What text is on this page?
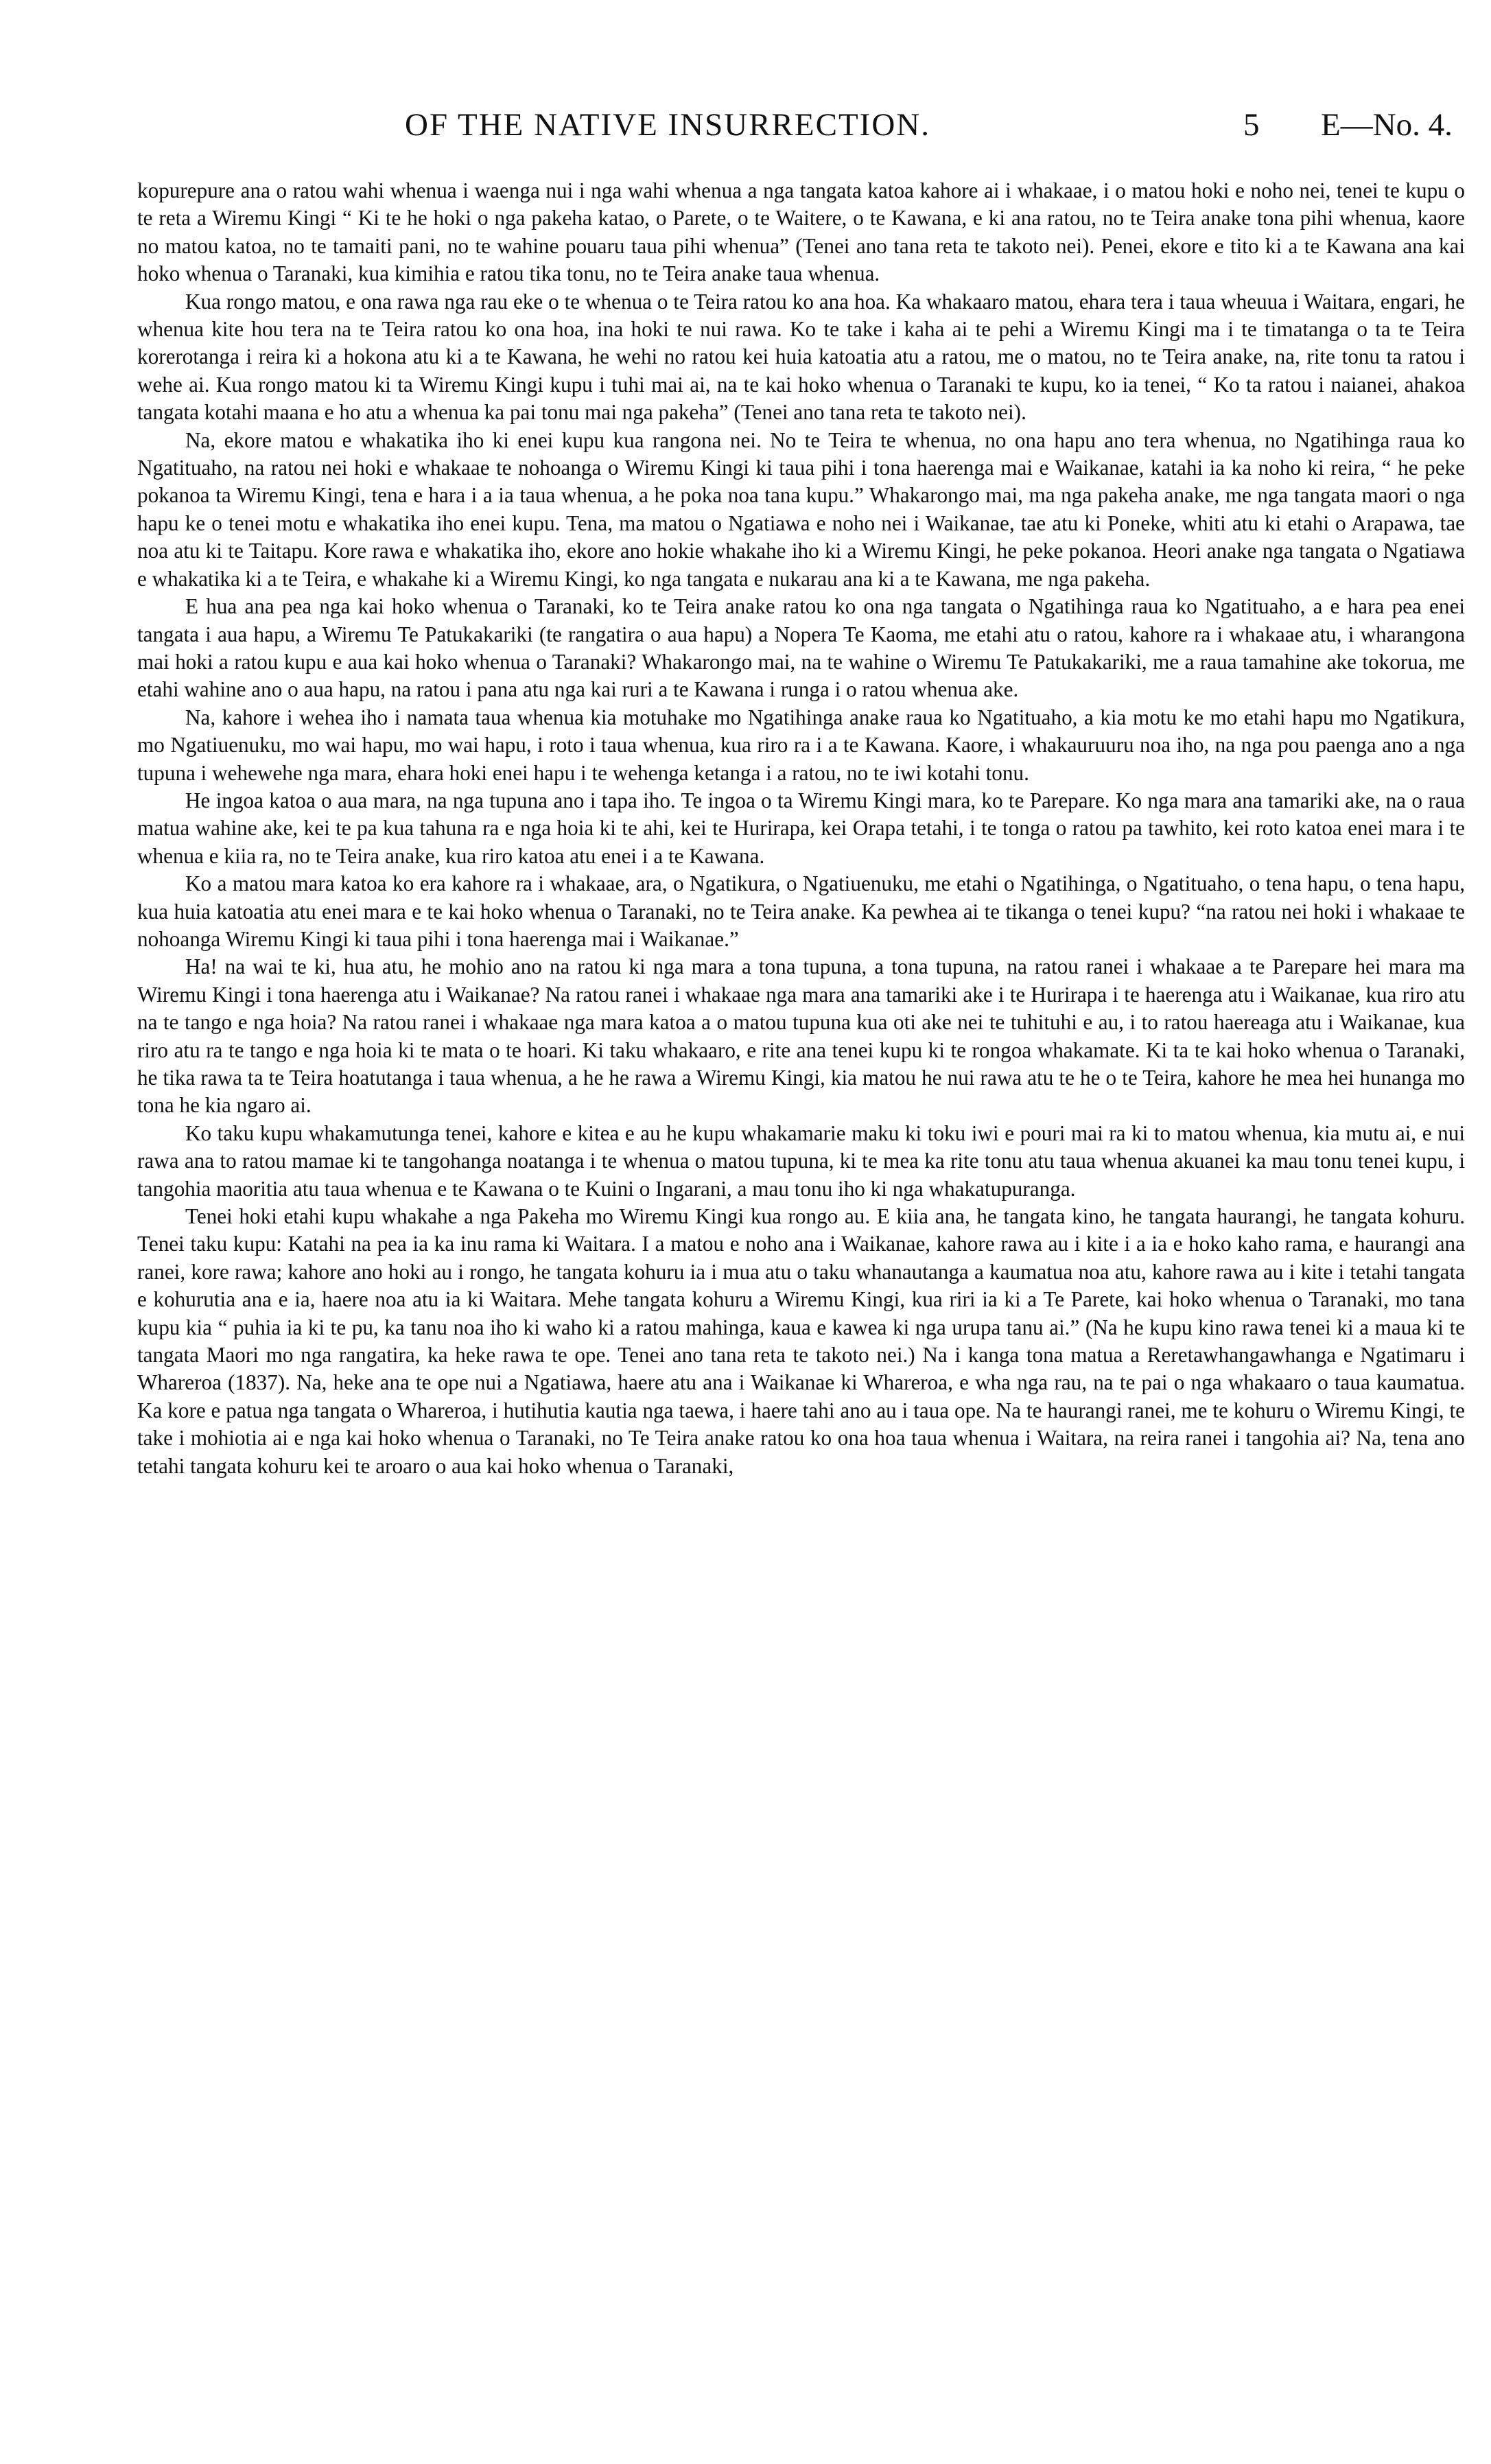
OF THE NATIVE INSURRECTION.	5 E—No. 4.

kopurepure ana o ratou wahi whenua i waenga nui i nga wahi whenua a nga tangata katoa kahore ai i whakaae, i o matou hoki e noho nei, tenei te kupu o te reta a Wiremu Kingi “ Ki te he hoki o nga pakeha katao, o Parete, o te Waitere, o te Kawana, e ki ana ratou, no te Teira anake tona pihi whenua, kaore no matou katoa, no te tamaiti pani, no te wahine pouaru taua pihi whenua” (Tenei ano tana reta te takoto nei). Penei, ekore e tito ki a te Kawana ana kai hoko whenua o Taranaki, kua kimihia e ratou tika tonu, no te Teira anake taua whenua.

Kua rongo matou, e ona rawa nga rau eke o te whenua o te Teira ratou ko ana hoa. Ka whakaaro matou, ehara tera i taua wheuua i Waitara, engari, he whenua kite hou tera na te Teira ratou ko ona hoa, ina hoki te nui rawa. Ko te take i kaha ai te pehi a Wiremu Kingi ma i te timatanga o ta te Teira korerotanga i reira ki a hokona atu ki a te Kawana, he wehi no ratou kei huia katoatia atu a ratou, me o matou, no te Teira anake, na, rite tonu ta ratou i wehe ai. Kua rongo matou ki ta Wiremu Kingi kupu i tuhi mai ai, na te kai hoko whenua o Taranaki te kupu, ko ia tenei, “ Ko ta ratou i naianei, ahakoa tangata kotahi maana e ho atu a whenua ka pai tonu mai nga pakeha” (Tenei ano tana reta te takoto nei).

Na, ekore matou e whakatika iho ki enei kupu kua rangona nei. No te Teira te whenua, no ona hapu ano tera whenua, no Ngatihinga raua ko Ngatituaho, na ratou nei hoki e whakaae te nohoanga o Wiremu Kingi ki taua pihi i tona haerenga mai e Waikanae, katahi ia ka noho ki reira, “ he peke pokanoa ta Wiremu Kingi, tena e hara i a ia taua whenua, a he poka noa tana kupu.” Whakarongo mai, ma nga pakeha anake, me nga tangata maori o nga hapu ke o tenei motu e whakatika iho enei kupu. Tena, ma matou o Ngatiawa e noho nei i Waikanae, tae atu ki Poneke, whiti atu ki etahi o Arapawa, tae noa atu ki te Taitapu. Kore rawa e whakatika iho, ekore ano hokie whakahe iho ki a Wiremu Kingi, he peke pokanoa. Heori anake nga tangata o Ngatiawa e whakatika ki a te Teira, e whakahe ki a Wiremu Kingi, ko nga tangata e nukarau ana ki a te Kawana, me nga pakeha.

E hua ana pea nga kai hoko whenua o Taranaki, ko te Teira anake ratou ko ona nga tangata o Ngatihinga raua ko Ngatituaho, a e hara pea enei tangata i aua hapu, a Wiremu Te Patukakariki (te rangatira o aua hapu) a Nopera Te Kaoma, me etahi atu o ratou, kahore ra i whakaae atu, i wharangona mai hoki a ratou kupu e aua kai hoko whenua o Taranaki? Whakarongo mai, na te wahine o Wiremu Te Patukakariki, me a raua tamahine ake tokorua, me etahi wahine ano o aua hapu, na ratou i pana atu nga kai ruri a te Kawana i runga i o ratou whenua ake.

Na, kahore i wehea iho i namata taua whenua kia motuhake mo Ngatihinga anake raua ko Ngatituaho, a kia motu ke mo etahi hapu mo Ngatikura, mo Ngatiuenuku, mo wai hapu, mo wai hapu, i roto i taua whenua, kua riro ra i a te Kawana. Kaore, i whakauruuru noa iho, na nga pou paenga ano a nga tupuna i wehewehe nga mara, ehara hoki enei hapu i te wehenga ketanga i a ratou, no te iwi kotahi tonu.

He ingoa katoa o aua mara, na nga tupuna ano i tapa iho. Te ingoa o ta Wiremu Kingi mara, ko te Parepare. Ko nga mara ana tamariki ake, na o raua matua wahine ake, kei te pa kua tahuna ra e nga hoia ki te ahi, kei te Hurirapa, kei Orapa tetahi, i te tonga o ratou pa tawhito, kei roto katoa enei mara i te whenua e kiia ra, no te Teira anake, kua riro katoa atu enei i a te Kawana.

Ko a matou mara katoa ko era kahore ra i whakaae, ara, o Ngatikura, o Ngatiuenuku, me etahi o Ngatihinga, o Ngatituaho, o tena hapu, o tena hapu, kua huia katoatia atu enei mara e te kai hoko whenua o Taranaki, no te Teira anake. Ka pewhea ai te tikanga o tenei kupu? “na ratou nei hoki i whakaae te nohoanga Wiremu Kingi ki taua pihi i tona haerenga mai i Waikanae.”

Ha! na wai te ki, hua atu, he mohio ano na ratou ki nga mara a tona tupuna, a tona tupuna, na ratou ranei i whakaae a te Parepare hei mara ma Wiremu Kingi i tona haerenga atu i Waikanae? Na ratou ranei i whakaae nga mara ana tamariki ake i te Hurirapa i te haerenga atu i Waikanae, kua riro atu na te tango e nga hoia? Na ratou ranei i whakaae nga mara katoa a o matou tupuna kua oti ake nei te tuhituhi e au, i to ratou haereaga atu i Waikanae, kua riro atu ra te tango e nga hoia ki te mata o te hoari. Ki taku whakaaro, e rite ana tenei kupu ki te rongoa whakamate. Ki ta te kai hoko whenua o Taranaki, he tika rawa ta te Teira hoatutanga i taua whenua, a he he rawa a Wiremu Kingi, kia matou he nui rawa atu te he o te Teira, kahore he mea hei hunanga mo tona he kia ngaro ai.

Ko taku kupu whakamutunga tenei, kahore e kitea e au he kupu whakamarie maku ki toku iwi e pouri mai ra ki to matou whenua, kia mutu ai, e nui rawa ana to ratou mamae ki te tangohanga noatanga i te whenua o matou tupuna, ki te mea ka rite tonu atu taua whenua akuanei ka mau tonu tenei kupu, i tangohia maoritia atu taua whenua e te Kawana o te Kuini o Ingarani, a mau tonu iho ki nga whakatupuranga.

Tenei hoki etahi kupu whakahe a nga Pakeha mo Wiremu Kingi kua rongo au. E kiia ana, he tangata kino, he tangata haurangi, he tangata kohuru. Tenei taku kupu: Katahi na pea ia ka inu rama ki Waitara. I a matou e noho ana i Waikanae, kahore rawa au i kite i a ia e hoko kaho rama, e haurangi ana ranei, kore rawa; kahore ano hoki au i rongo, he tangata kohuru ia i mua atu o taku whanautanga a kaumatua noa atu, kahore rawa au i kite i tetahi tangata e kohurutia ana e ia, haere noa atu ia ki Waitara. Mehe tangata kohuru a Wiremu Kingi, kua riri ia ki a Te Parete, kai hoko whenua o Taranaki, mo tana kupu kia “ puhia ia ki te pu, ka tanu noa iho ki waho ki a ratou mahinga, kaua e kawea ki nga urupa tanu ai.” (Na he kupu kino rawa tenei ki a maua ki te tangata Maori mo nga rangatira, ka heke rawa te ope. Tenei ano tana reta te takoto nei.) Na i kanga tona matua a Reretawhangawhanga e Ngatimaru i Whareroa (1837). Na, heke ana te ope nui a Ngatiawa, haere atu ana i Waikanae ki Whareroa, e wha nga rau, na te pai o nga whakaaro o taua kaumatua. Ka kore e patua nga tangata o Whareroa, i hutihutia kautia nga taewa, i haere tahi ano au i taua ope. Na te haurangi ranei, me te kohuru o Wiremu Kingi, te take i mohiotia ai e nga kai hoko whenua o Taranaki, no Te Teira anake ratou ko ona hoa taua whenua i Waitara, na reira ranei i tangohia ai? Na, tena ano tetahi tangata kohuru kei te aroaro o aua kai hoko whenua o Taranaki,
